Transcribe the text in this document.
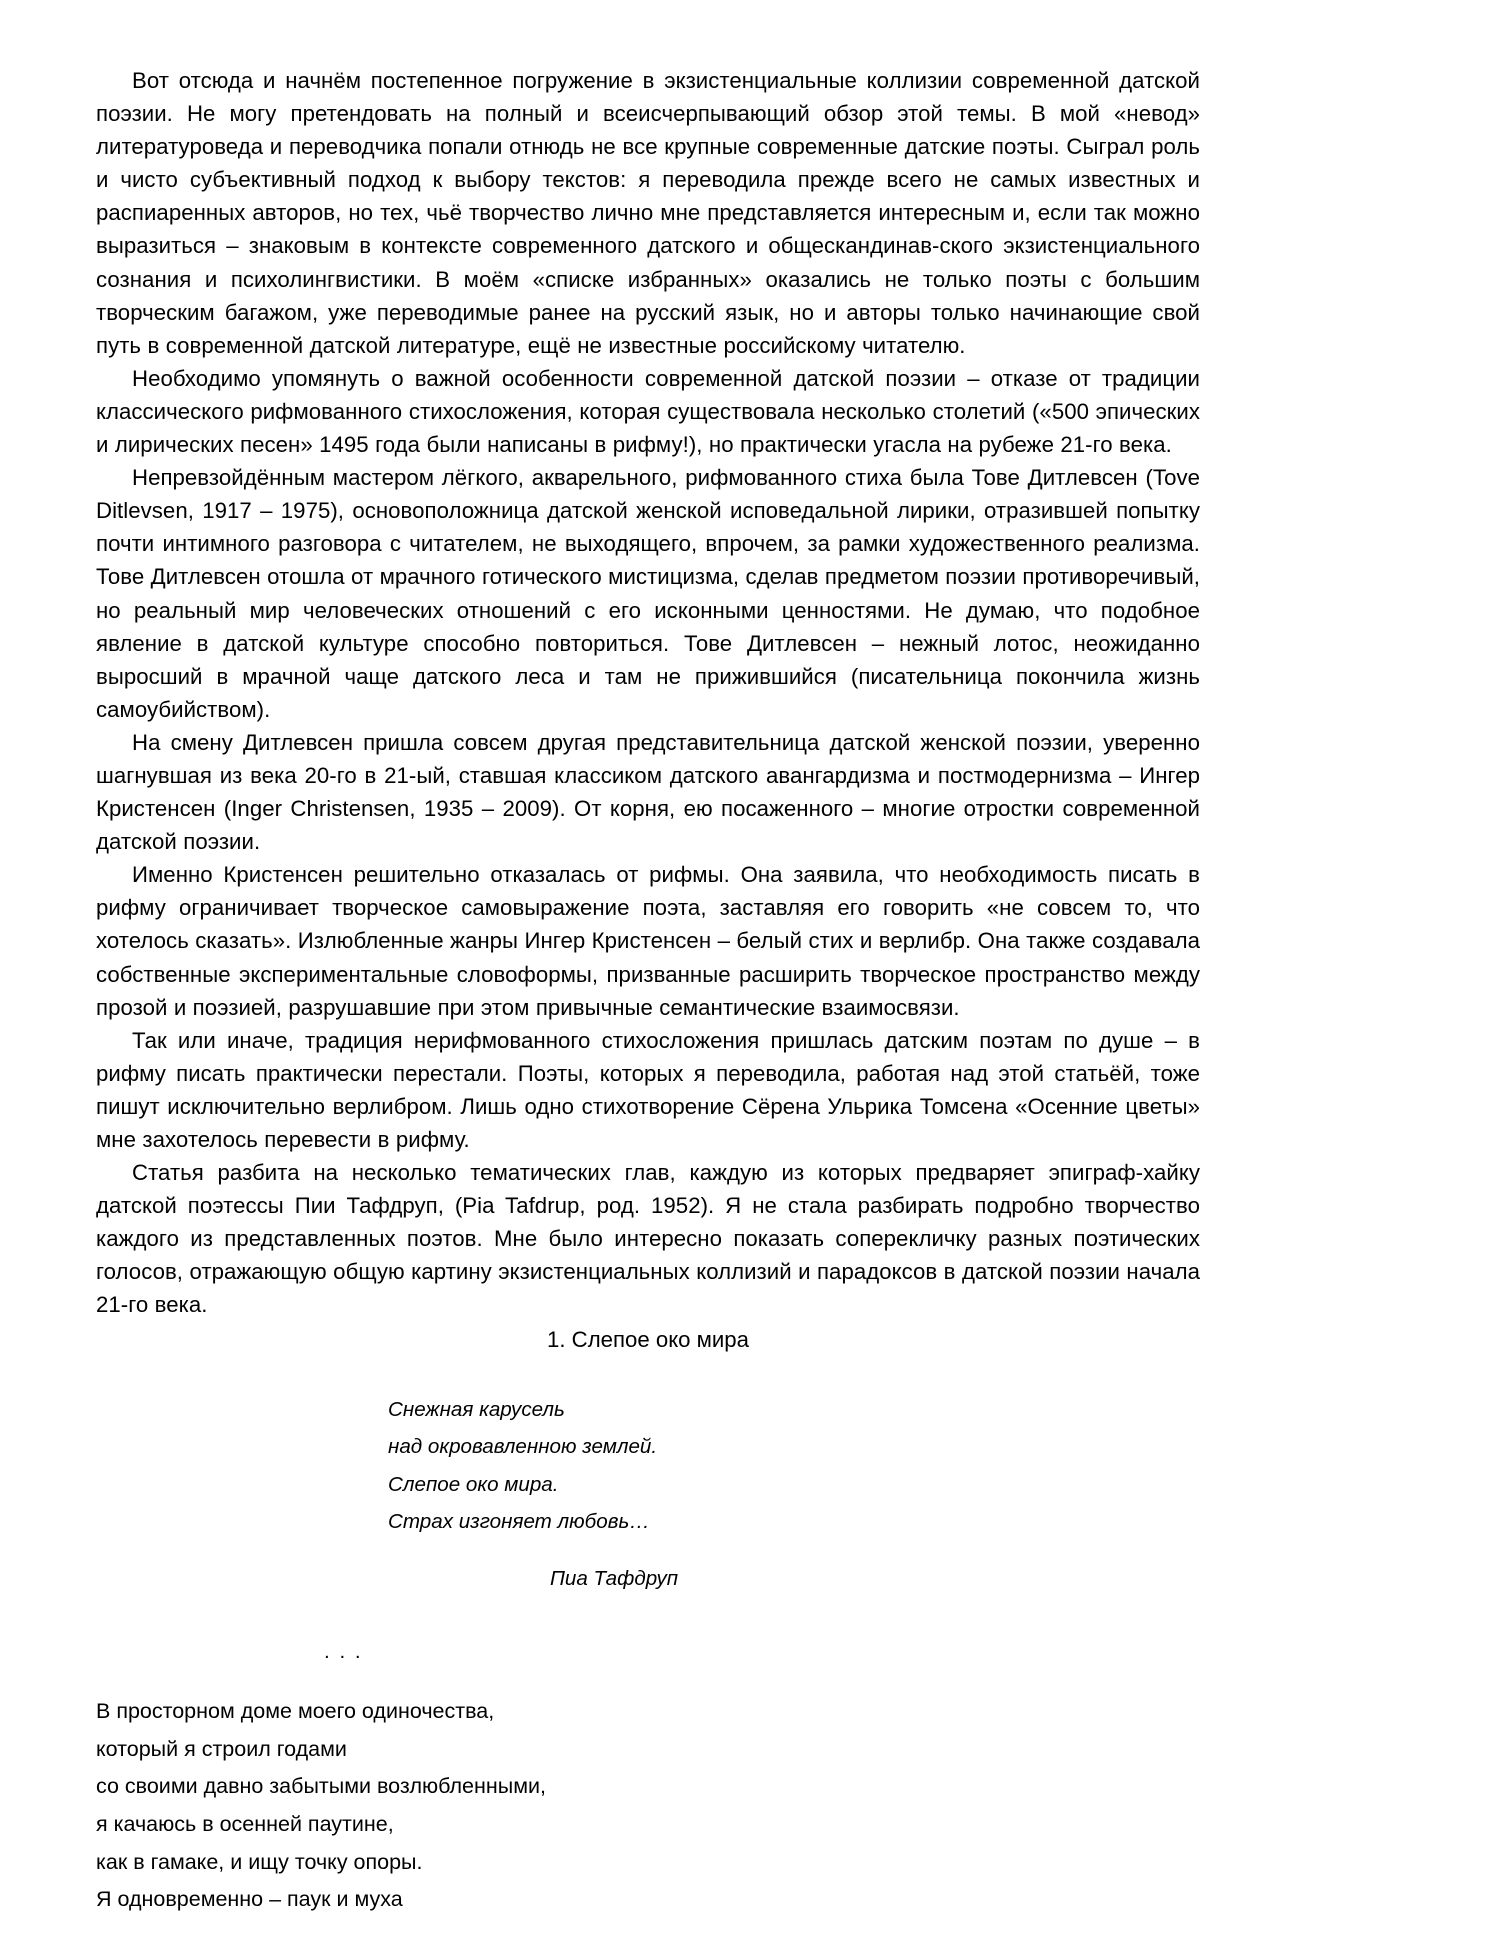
Вот отсюда и начнём постепенное погружение в экзистенциальные коллизии современной датской поэзии. Не могу претендовать на полный и всеисчерпывающий обзор этой темы. В мой «невод» литературоведа и переводчика попали отнюдь не все крупные современные датские поэты. Сыграл роль и чисто субъективный подход к выбору текстов: я переводила прежде всего не самых известных и распиаренных авторов, но тех, чьё творчество лично мне представляется интересным и, если так можно выразиться – знаковым в контексте современного датского и общескандинав-ского экзистенциального сознания и психолингвистики. В моём «списке избранных» оказались не только поэты с большим творческим багажом, уже переводимые ранее на русский язык, но и авторы только начинающие свой путь в современной датской литературе, ещё не известные российскому читателю.

Необходимо упомянуть о важной особенности современной датской поэзии – отказе от традиции классического рифмованного стихосложения, которая существовала несколько столетий («500 эпических и лирических песен» 1495 года были написаны в рифму!), но практически угасла на рубеже 21-го века.

Непревзойдённым мастером лёгкого, акварельного, рифмованного стиха была Тове Дитлевсен (Tove Ditlevsen, 1917 – 1975), основоположница датской женской исповедальной лирики, отразившей попытку почти интимного разговора с читателем, не выходящего, впрочем, за рамки художественного реализма. Тове Дитлевсен отошла от мрачного готического мистицизма, сделав предметом поэзии противоречивый, но реальный мир человеческих отношений с его исконными ценностями. Не думаю, что подобное явление в датской культуре способно повториться. Тове Дитлевсен – нежный лотос, неожиданно выросший в мрачной чаще датского леса и там не прижившийся (писательница покончила жизнь самоубийством).

На смену Дитлевсен пришла совсем другая представительница датской женской поэзии, уверенно шагнувшая из века 20-го в 21-ый, ставшая классиком датского авангардизма и постмодернизма – Ингер Кристенсен (Inger Christensen, 1935 – 2009). От корня, ею посаженного – многие отростки современной датской поэзии.

Именно Кристенсен решительно отказалась от рифмы. Она заявила, что необходимость писать в рифму ограничивает творческое самовыражение поэта, заставляя его говорить «не совсем то, что хотелось сказать». Излюбленные жанры Ингер Кристенсен – белый стих и верлибр. Она также создавала собственные экспериментальные словоформы, призванные расширить творческое пространство между прозой и поэзией, разрушавшие при этом привычные семантические взаимосвязи.

Так или иначе, традиция нерифмованного стихосложения пришлась датским поэтам по душе – в рифму писать практически перестали. Поэты, которых я переводила, работая над этой статьёй, тоже пишут исключительно верлибром. Лишь одно стихотворение Сёрена Ульрика Томсена «Осенние цветы» мне захотелось перевести в рифму.

Статья разбита на несколько тематических глав, каждую из которых предваряет эпиграф-хайку датской поэтессы Пии Тафдруп, (Pia Tafdrup, род. 1952). Я не стала разбирать подробно творчество каждого из представленных поэтов. Мне было интересно показать соперекличку разных поэтических голосов, отражающую общую картину экзистенциальных коллизий и парадоксов в датской поэзии начала 21-го века.

1. Слепое око мира
Снежная карусель
над окровавленною землей.
Слепое око мира.
Страх изгоняет любовь…
Пиа Тафдруп
. . .
В просторном доме моего одиночества,
который я строил годами
со своими давно забытыми возлюбленными,
я качаюсь в осенней паутине,
как в гамаке, и ищу точку опоры.
Я одновременно – паук и муха
